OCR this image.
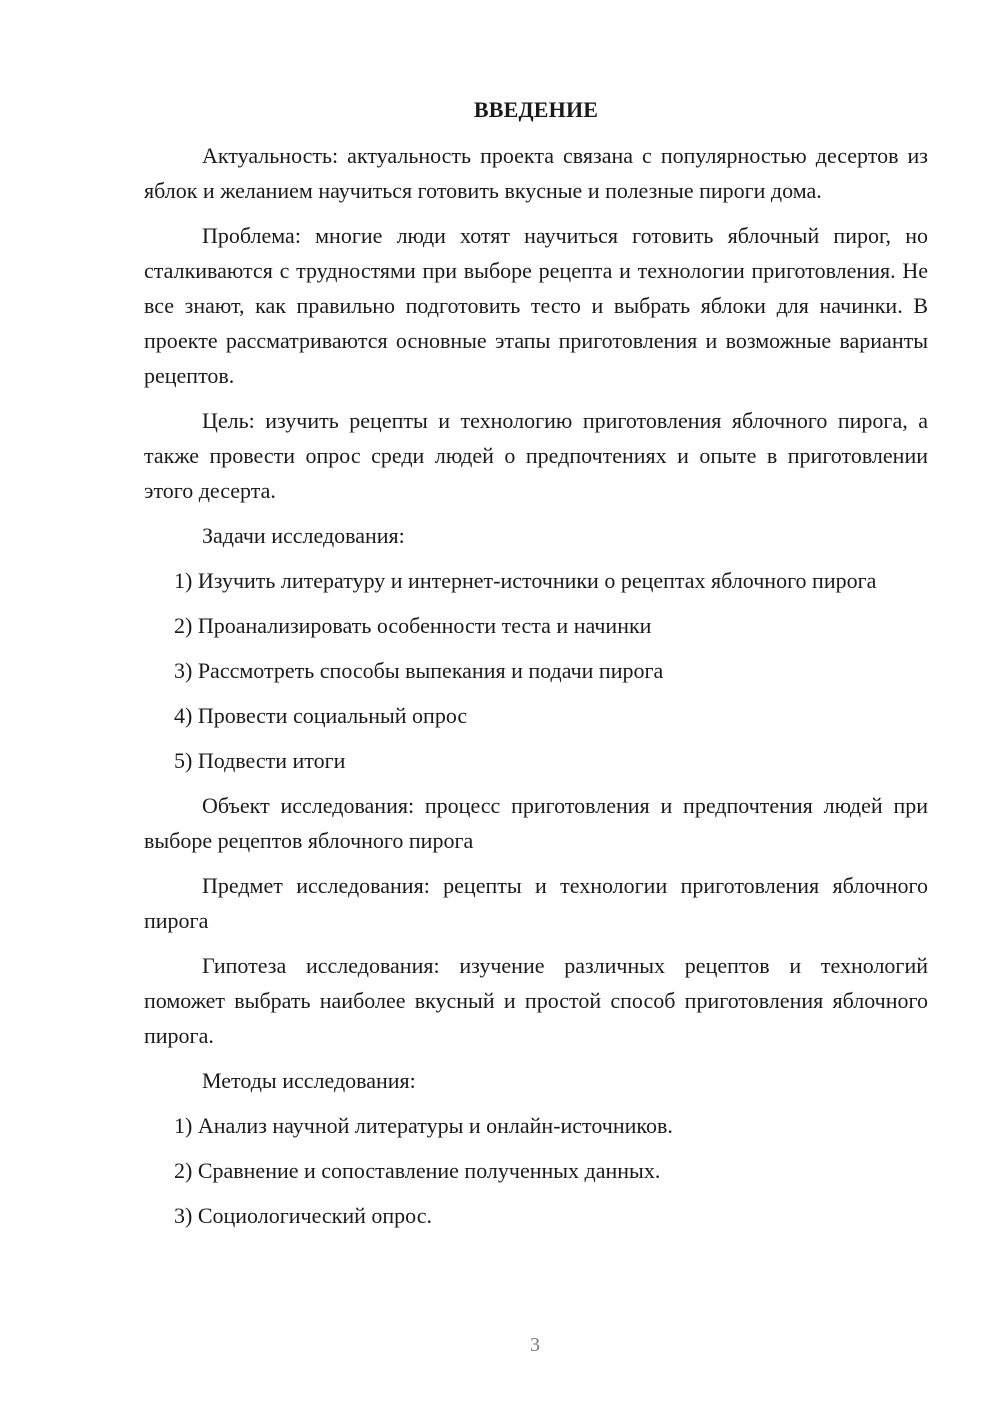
ВВЕДЕНИЕ

Актуальность: актуальность проекта связана с популярностью десертов из яблок и желанием научиться готовить вкусные и полезные пироги дома.

Проблема: многие люди хотят научиться готовить яблочный пирог, но сталкиваются с трудностями при выборе рецепта и технологии приготовления. Не все знают, как правильно подготовить тесто и выбрать яблоки для начинки. В проекте рассматриваются основные этапы приготовления и возможные варианты рецептов.

Цель: изучить рецепты и технологию приготовления яблочного пирога, а также провести опрос среди людей о предпочтениях и опыте в приготовлении этого десерта.

Задачи исследования:

1) Изучить литературу и интернет-источники о рецептах яблочного пирога

2) Проанализировать особенности теста и начинки

3) Рассмотреть способы выпекания и подачи пирога

4) Провести социальный опрос

5) Подвести итоги

Объект исследования: процесс приготовления и предпочтения людей при выборе рецептов яблочного пирога

Предмет исследования: рецепты и технологии приготовления яблочного пирога

Гипотеза исследования: изучение различных рецептов и технологий поможет выбрать наиболее вкусный и простой способ приготовления яблочного пирога.

Методы исследования:

1) Анализ научной литературы и онлайн-источников.

2) Сравнение и сопоставление полученных данных.

3) Социологический опрос.

3
